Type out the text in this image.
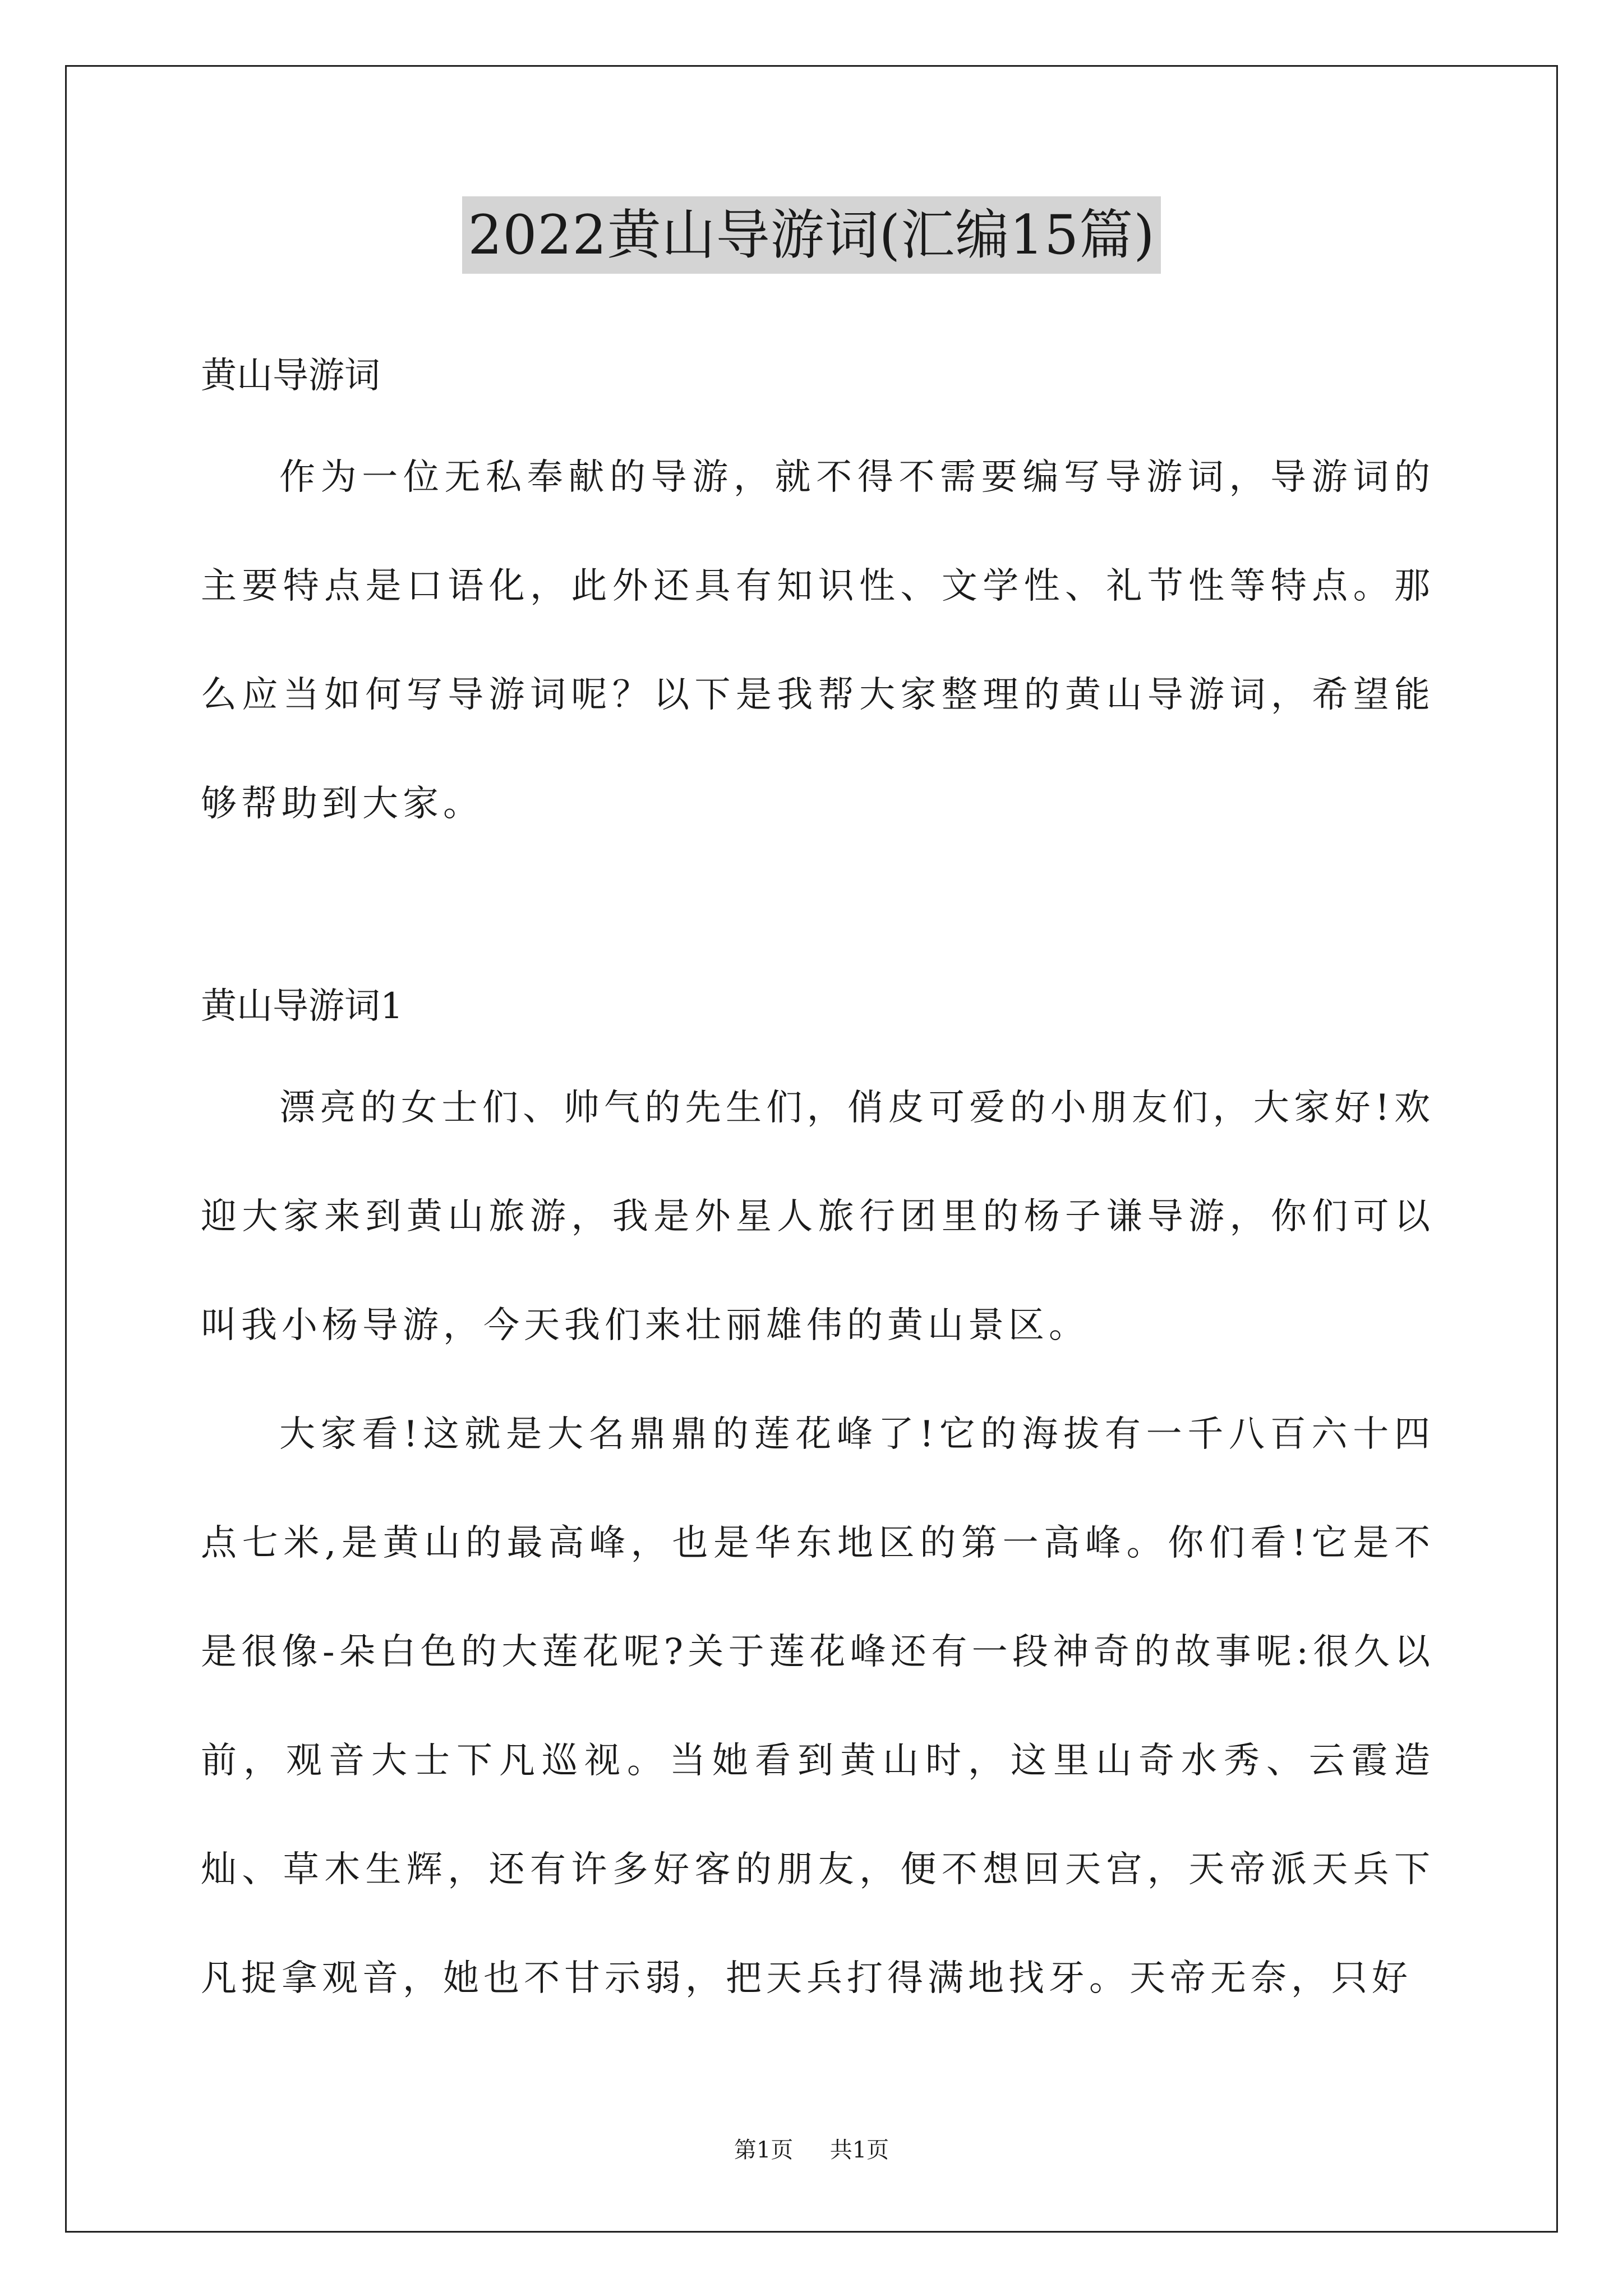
2022黄山导游词(汇编15篇)

黄山导游词

作为一位无私奉献的导游，就不得不需要编写导游词，导游词的主要特点是口语化，此外还具有知识性、文学性、礼节性等特点。那么应当如何写导游词呢？以下是我帮大家整理的黄山导游词，希望能够帮助到大家。

黄山导游词1

漂亮的女士们、帅气的先生们，俏皮可爱的小朋友们，大家好!欢迎大家来到黄山旅游，我是外星人旅行团里的杨子谦导游，你们可以叫我小杨导游，今天我们来壮丽雄伟的黄山景区。

大家看!这就是大名鼎鼎的莲花峰了!它的海拔有一千八百六十四点七米,是黄山的最高峰，也是华东地区的第一高峰。你们看!它是不是很像-朵白色的大莲花呢?关于莲花峰还有一段神奇的故事呢:很久以前，观音大士下凡巡视。当她看到黄山时，这里山奇水秀、云霞造灿、草木生辉，还有许多好客的朋友，便不想回天宫，天帝派天兵下凡捉拿观音，她也不甘示弱，把天兵打得满地找牙。天帝无奈，只好

第1页 共1页
